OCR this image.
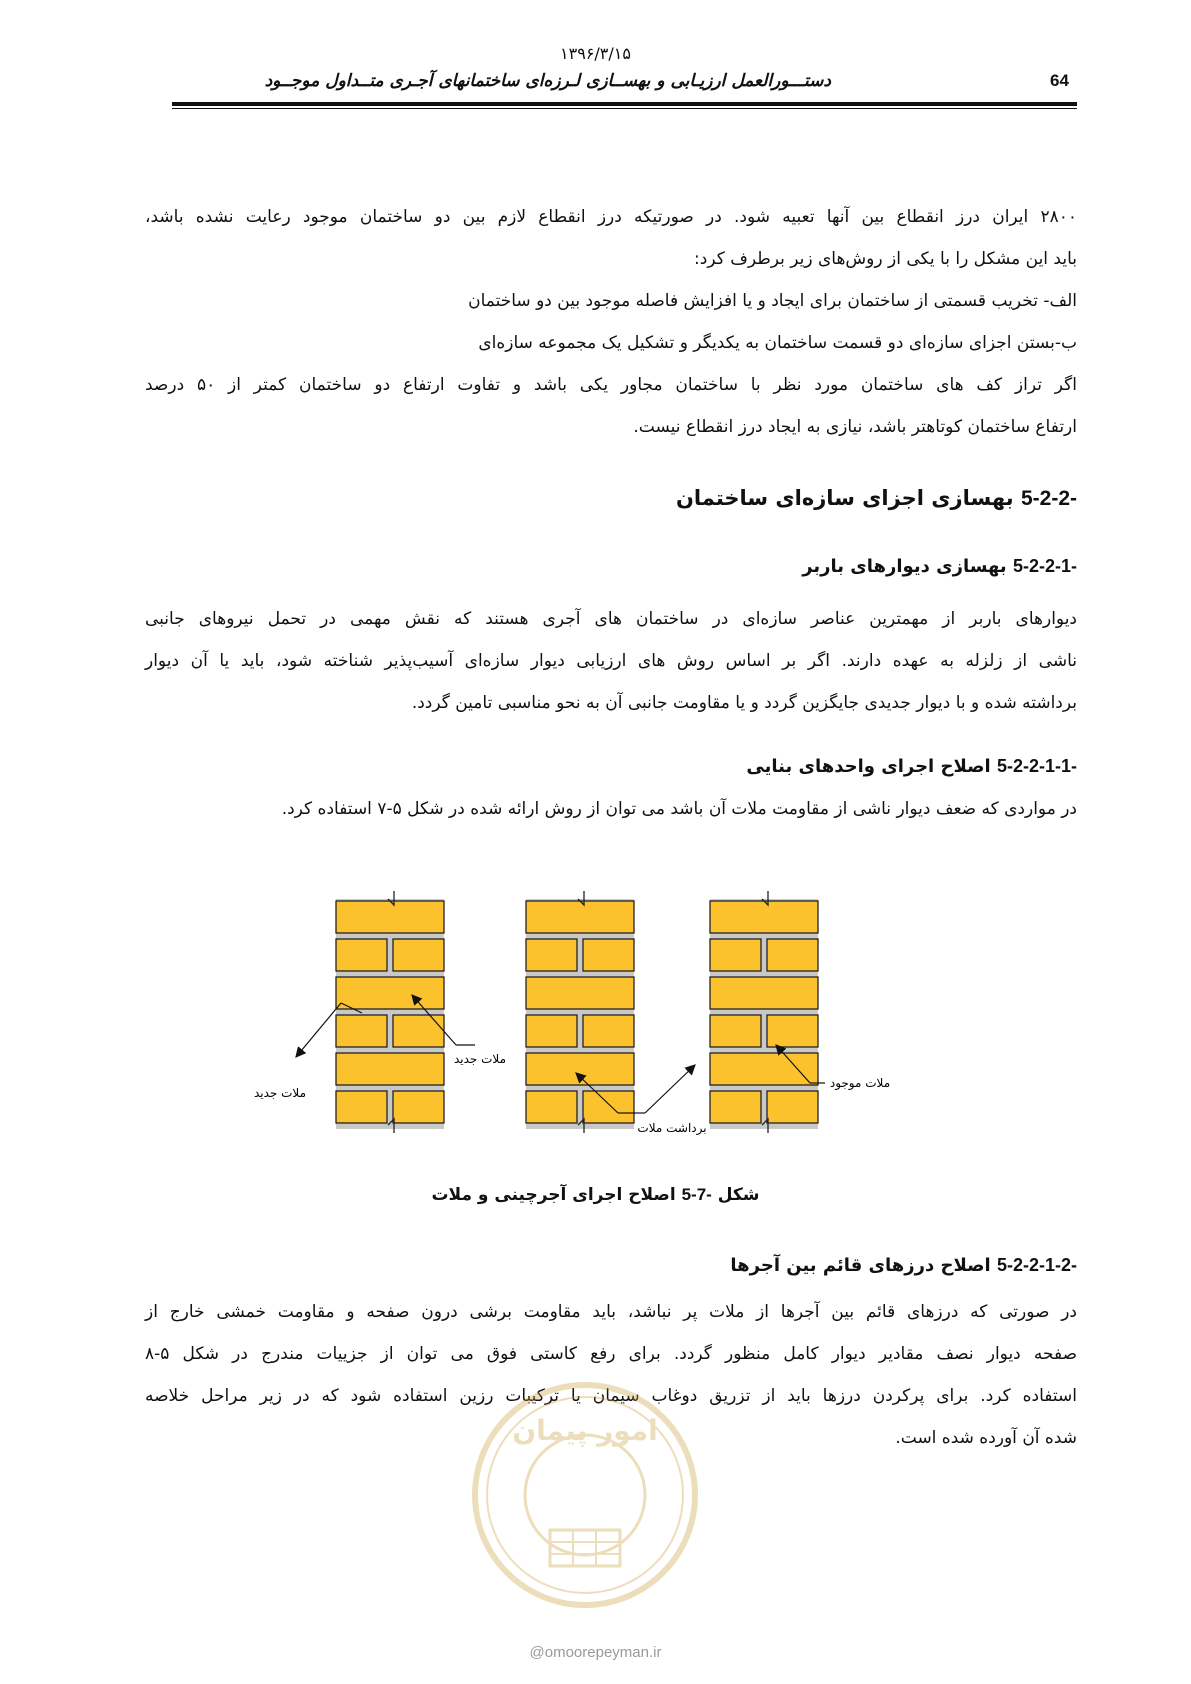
۱۳۹۶/۳/۱۵
دستـــورالعمل ارزیـابی و بهســازی لـرزه‌ای ساختمانهای آجـری متــداول موجــود	64
۲۸۰۰ ایران درز انقطاع بین آنها تعبیه شود. در صورتیکه درز انقطاع لازم بین دو ساختمان موجود رعایت نشده باشد،
باید این مشکل را با یکی از روش‌های زیر برطرف کرد:
الف- تخریب قسمتی از ساختمان برای ایجاد و یا افزایش فاصله موجود بین دو ساختمان
ب-بستن اجزای سازه‌ای دو قسمت ساختمان به یکدیگر و تشکیل یک مجموعه سازه‌ای
اگر تراز کف های ساختمان مورد نظر با ساختمان مجاور یکی باشد و تفاوت ارتفاع دو ساختمان کمتر از ۵۰ درصد
ارتفاع ساختمان کوتاهتر باشد، نیازی به ایجاد درز انقطاع نیست.
5-2-2- بهسازی اجزای سازه‌ای ساختمان
5-2-2-1- بهسازی دیوارهای باربر
دیوارهای باربر از مهمترین عناصر سازه‌ای در ساختمان های آجری هستند که نقش مهمی در تحمل نیروهای جانبی
ناشی از زلزله به عهده دارند. اگر بر اساس روش های ارزیابی دیوار سازه‌ای آسیب‌پذیر شناخته شود، باید یا آن دیوار
برداشته شده و با دیوار جدیدی جایگزین گردد و یا مقاومت جانبی آن به نحو مناسبی تامین گردد.
5-2-2-1-1- اصلاح اجرای واحدهای بنایی
در مواردی که ضعف دیوار ناشی از مقاومت ملات آن باشد می توان از روش ارائه شده در شکل ۵-۷ استفاده کرد.
ملات جدید
ملات جدید
برداشت ملات
ملات موجود
شکل 5-7- اصلاح اجرای آجرچینی و ملات
5-2-2-1-2- اصلاح درزهای قائم بین آجرها
در صورتی که درزهای قائم بین آجرها از ملات پر نباشد، باید مقاومت برشی درون صفحه و مقاومت خمشی خارج از
صفحه دیوار نصف مقادیر دیوار کامل منظور گردد. برای رفع کاستی فوق می توان از جزییات مندرج در شکل ۵-۸
استفاده کرد. برای پرکردن درزها باید از تزریق دوغاب سیمان یا ترکیبات رزین استفاده شود که در زیر مراحل خلاصه
شده آن آورده شده است.
امور پیمان
@omoorepeyman.ir
